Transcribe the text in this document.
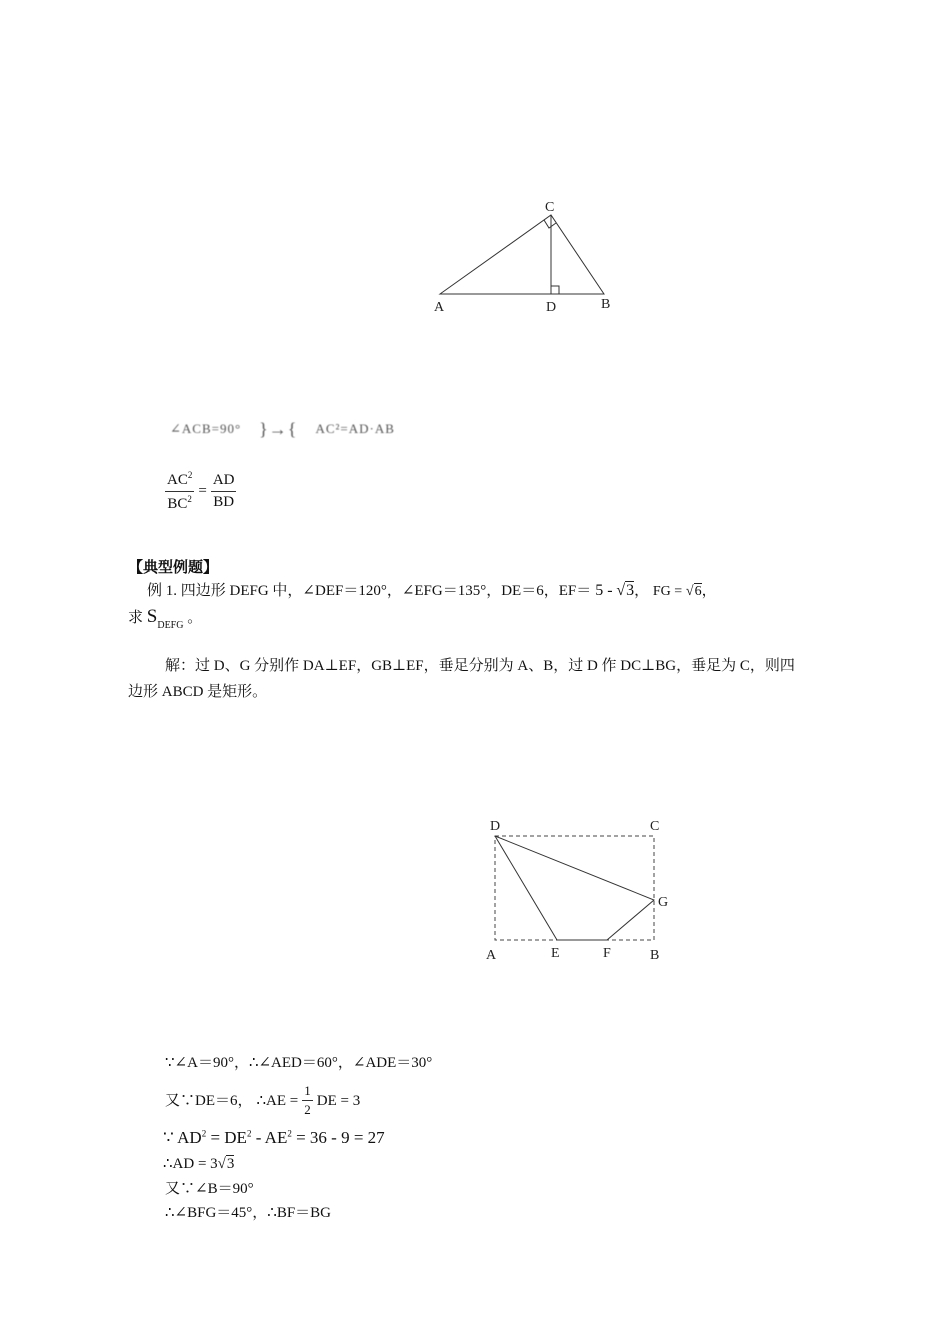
C
A	D	B
∠ACB=90° }→{ AC²=AD·AB
$\frac{AC^2}{BC^2} = \frac{AD}{BD}$
【典型例题】
例 1. 四边形 DEFG 中，∠DEF＝120°，∠EFG＝135°，DE＝6，EF＝ 5 - √3， FG = √6，
求 $S_{DEFG}$ 。
解：过 D、G 分别作 DA⊥EF，GB⊥EF，垂足分别为 A、B，过 D 作 DC⊥BG，垂足为 C，则四
边形 ABCD 是矩形。
D	C
G
A	E	F	B
∵∠A＝90°，∴∠AED＝60°，∠ADE＝30°
又∵DE＝6， ∴AE = $\frac{1}{2}$ DE = 3
∵ $AD^2 = DE^2 - AE^2 = 36 - 9 = 27$
∴AD = 3√3
又∵∠B＝90°
∴∠BFG＝45°，∴BF＝BG
